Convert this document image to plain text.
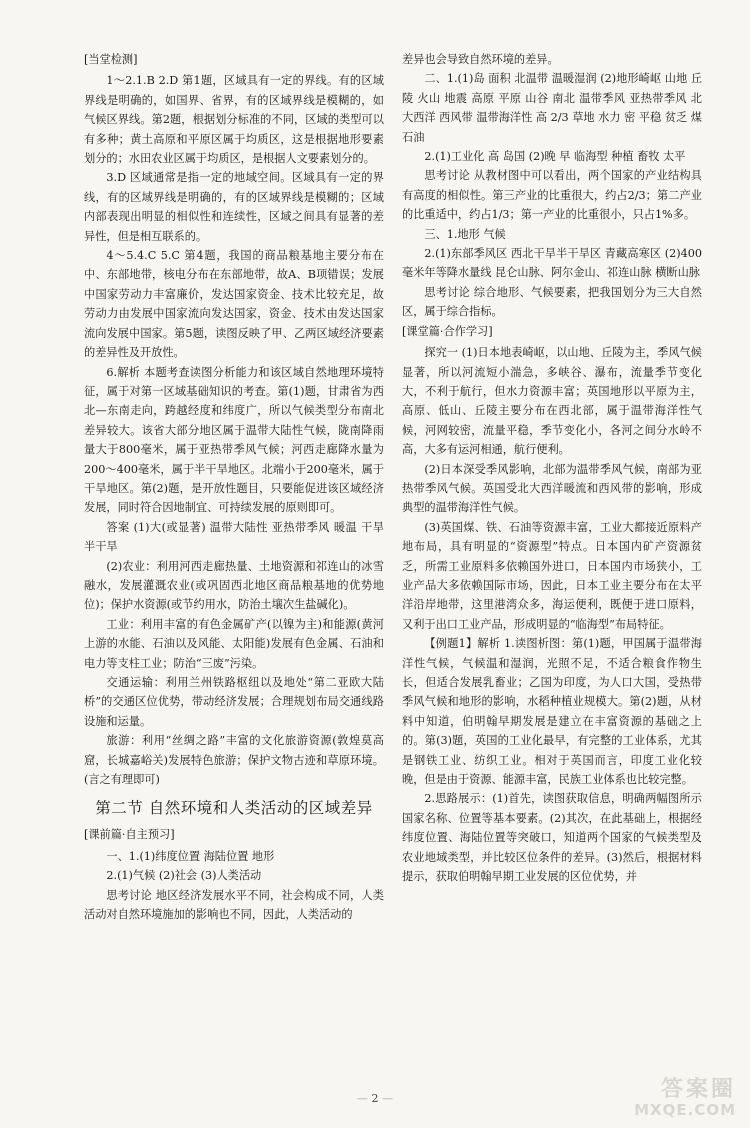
[当堂检测]

1～2.1.B 2.D 第1题，区域具有一定的界线。有的区域界线是明确的，如国界、省界，有的区域界线是模糊的，如气候区界线。第2题，根据划分标准的不同，区域的类型可以有多种；黄土高原和平原区属于均质区，这是根据地形要素划分的；水田农业区属于均质区，是根据人文要素划分的。

3.D 区域通常是指一定的地域空间。区域具有一定的界线，有的区域界线是明确的，有的区域界线是模糊的；区域内部表现出明显的相似性和连续性，区域之间具有显著的差异性，但是相互联系的。

4～5.4.C 5.C 第4题，我国的商品粮基地主要分布在中、东部地带，核电分布在东部地带，故A、B项错误；发展中国家劳动力丰富廉价，发达国家资金、技术比较充足，故劳动力由发展中国家流向发达国家，资金、技术由发达国家流向发展中国家。第5题，读图反映了甲、乙两区域经济要素的差异性及开放性。

6.解析 本题考查读图分析能力和该区域自然地理环境特征，属于对第一区域基础知识的考查。第(1)题，甘肃省为西北—东南走向，跨越经度和纬度广，所以气候类型分布南北差异较大。该省大部分地区属于温带大陆性气候，陇南降雨量大于800毫米，属于亚热带季风气候；河西走廊降水量为200～400毫米，属于半干旱地区。北端小于200毫米，属于干旱地区。第(2)题，是开放性题目，只要能促进该区域经济发展，同时符合因地制宜、可持续发展的原则即可。

答案 (1)大(或显著) 温带大陆性 亚热带季风 暖温 干旱 半干旱

(2)农业：利用河西走廊热量、土地资源和祁连山的冰雪融水，发展灌溉农业(或巩固西北地区商品粮基地的优势地位)；保护水资源(或节约用水，防治土壤次生盐碱化)。

工业：利用丰富的有色金属矿产(以镍为主)和能源(黄河上游的水能、石油以及风能、太阳能)发展有色金属、石油和电力等支柱工业；防治“三废”污染。

交通运输：利用兰州铁路枢纽以及地处“第二亚欧大陆桥”的交通区位优势，带动经济发展；合理规划布局交通线路设施和运量。

旅游：利用“丝绸之路”丰富的文化旅游资源(敦煌莫高窟，长城嘉峪关)发展特色旅游；保护文物古迹和草原环境。(言之有理即可)

第二节 自然环境和人类活动的区域差异
[课前篇·自主预习]

一、1.(1)纬度位置 海陆位置 地形

2.(1)气候 (2)社会 (3)人类活动

思考讨论 地区经济发展水平不同，社会构成不同，人类活动对自然环境施加的影响也不同，因此，人类活动的

差异也会导致自然环境的差异。

二、1.(1)岛 面积 北温带 温暖湿润 (2)地形崎岖 山地 丘陵 火山 地震 高原 平原 山谷 南北 温带季风 亚热带季风 北大西洋 西风带 温带海洋性 高 2/3 草地 水力 密 平稳 贫乏 煤 石油

2.(1)工业化 高 岛国 (2)晚 早 临海型 种植 畜牧 太平

思考讨论 从教材图中可以看出，两个国家的产业结构具有高度的相似性。第三产业的比重很大，约占2/3；第二产业的比重适中，约占1/3；第一产业的比重很小，只占1%多。

三、1.地形 气候

2.(1)东部季风区 西北干旱半干旱区 青藏高寒区 (2)400毫米年等降水量线 昆仑山脉、阿尔金山、祁连山脉 横断山脉

思考讨论 综合地形、气候要素，把我国划分为三大自然区，属于综合指标。

[课堂篇·合作学习]

探究一 (1)日本地表崎岖，以山地、丘陵为主，季风气候显著，所以河流短小湍急，多峡谷、瀑布，流量季节变化大，不利于航行，但水力资源丰富；英国地形以平原为主，高原、低山、丘陵主要分布在西北部，属于温带海洋性气候，河网较密，流量平稳，季节变化小，各河之间分水岭不高，大多有运河相通，航行便利。

(2)日本深受季风影响，北部为温带季风气候，南部为亚热带季风气候。英国受北大西洋暖流和西风带的影响，形成典型的温带海洋性气候。

(3)英国煤、铁、石油等资源丰富，工业大都接近原料产地布局，具有明显的“资源型”特点。日本国内矿产资源贫乏，所需工业原料多依赖国外进口，日本国内市场狭小，工业产品大多依赖国际市场，因此，日本工业主要分布在太平洋沿岸地带，这里港湾众多，海运便利，既便于进口原料，又利于出口工业产品，形成明显的“临海型”布局特征。

【例题1】解析 1.读图析图：第(1)题，甲国属于温带海洋性气候，气候温和湿润，光照不足，不适合粮食作物生长，但适合发展乳畜业；乙国为印度，为人口大国，受热带季风气候和地形的影响，水稻种植业规模大。第(2)题，从材料中知道，伯明翰早期发展是建立在丰富资源的基础之上的。第(3)题，英国的工业化最早，有完整的工业体系，尤其是钢铁工业、纺织工业。相对于英国而言，印度工业化较晚，但是由于资源、能源丰富，民族工业体系也比较完整。

2.思路展示：(1)首先，读图获取信息，明确两幅图所示国家名称、位置等基本要素。(2)其次，在此基础上，根据经纬度位置、海陆位置等突破口，知道两个国家的气候类型及农业地域类型，并比较区位条件的差异。(3)然后，根据材料提示，获取伯明翰早期工业发展的区位优势，并

— 2 —	答案圈
MXQE.COM
